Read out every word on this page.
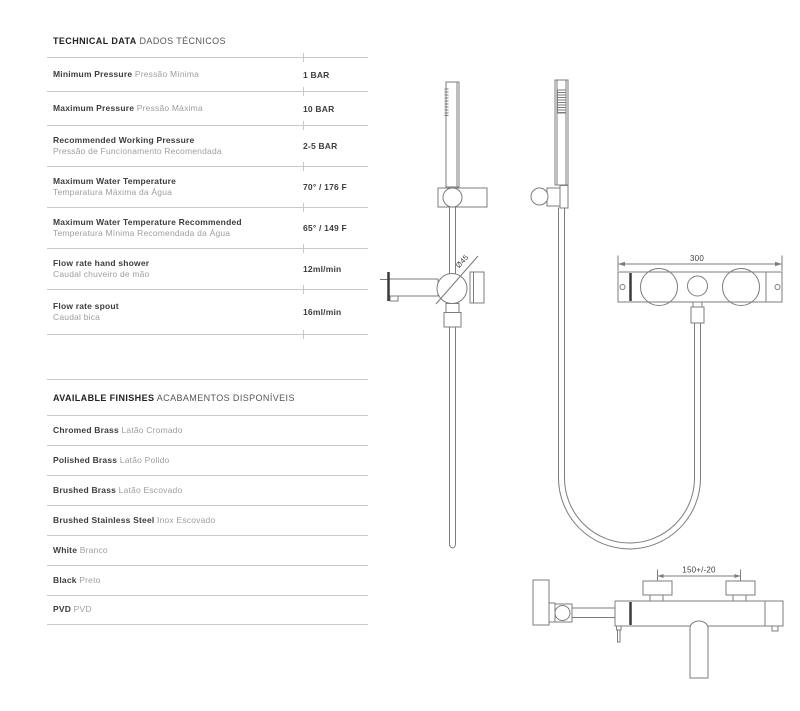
TECHNICAL DATA DADOS TÉCNICOS
Minimum Pressure Pressão Mínima	1 BAR
Maximum Pressure Pressão Máxima	10 BAR
Recommended Working Pressure
Pressão de Funcionamento Recomendada	2-5 BAR
Maximum Water Temperature
Temparatura Máxima da Água	70° / 176 F
Maximum Water Temperature Recommended
Temperatura Mínima Recomendada da Água	65° / 149 F
Flow rate hand shower
Caudal chuveiro de mão	12ml/min
Flow rate spout
Caudal bica	16ml/min
AVAILABLE FINISHES ACABAMENTOS DISPONÍVEIS
Chromed Brass Latão Cromado
Polished Brass Latão Polido
Brushed Brass Latão Escovado
Brushed Stainless Steel Inox Escovado
White Branco
Black Preto
PVD PVD
Ø45	300
150+/-20
